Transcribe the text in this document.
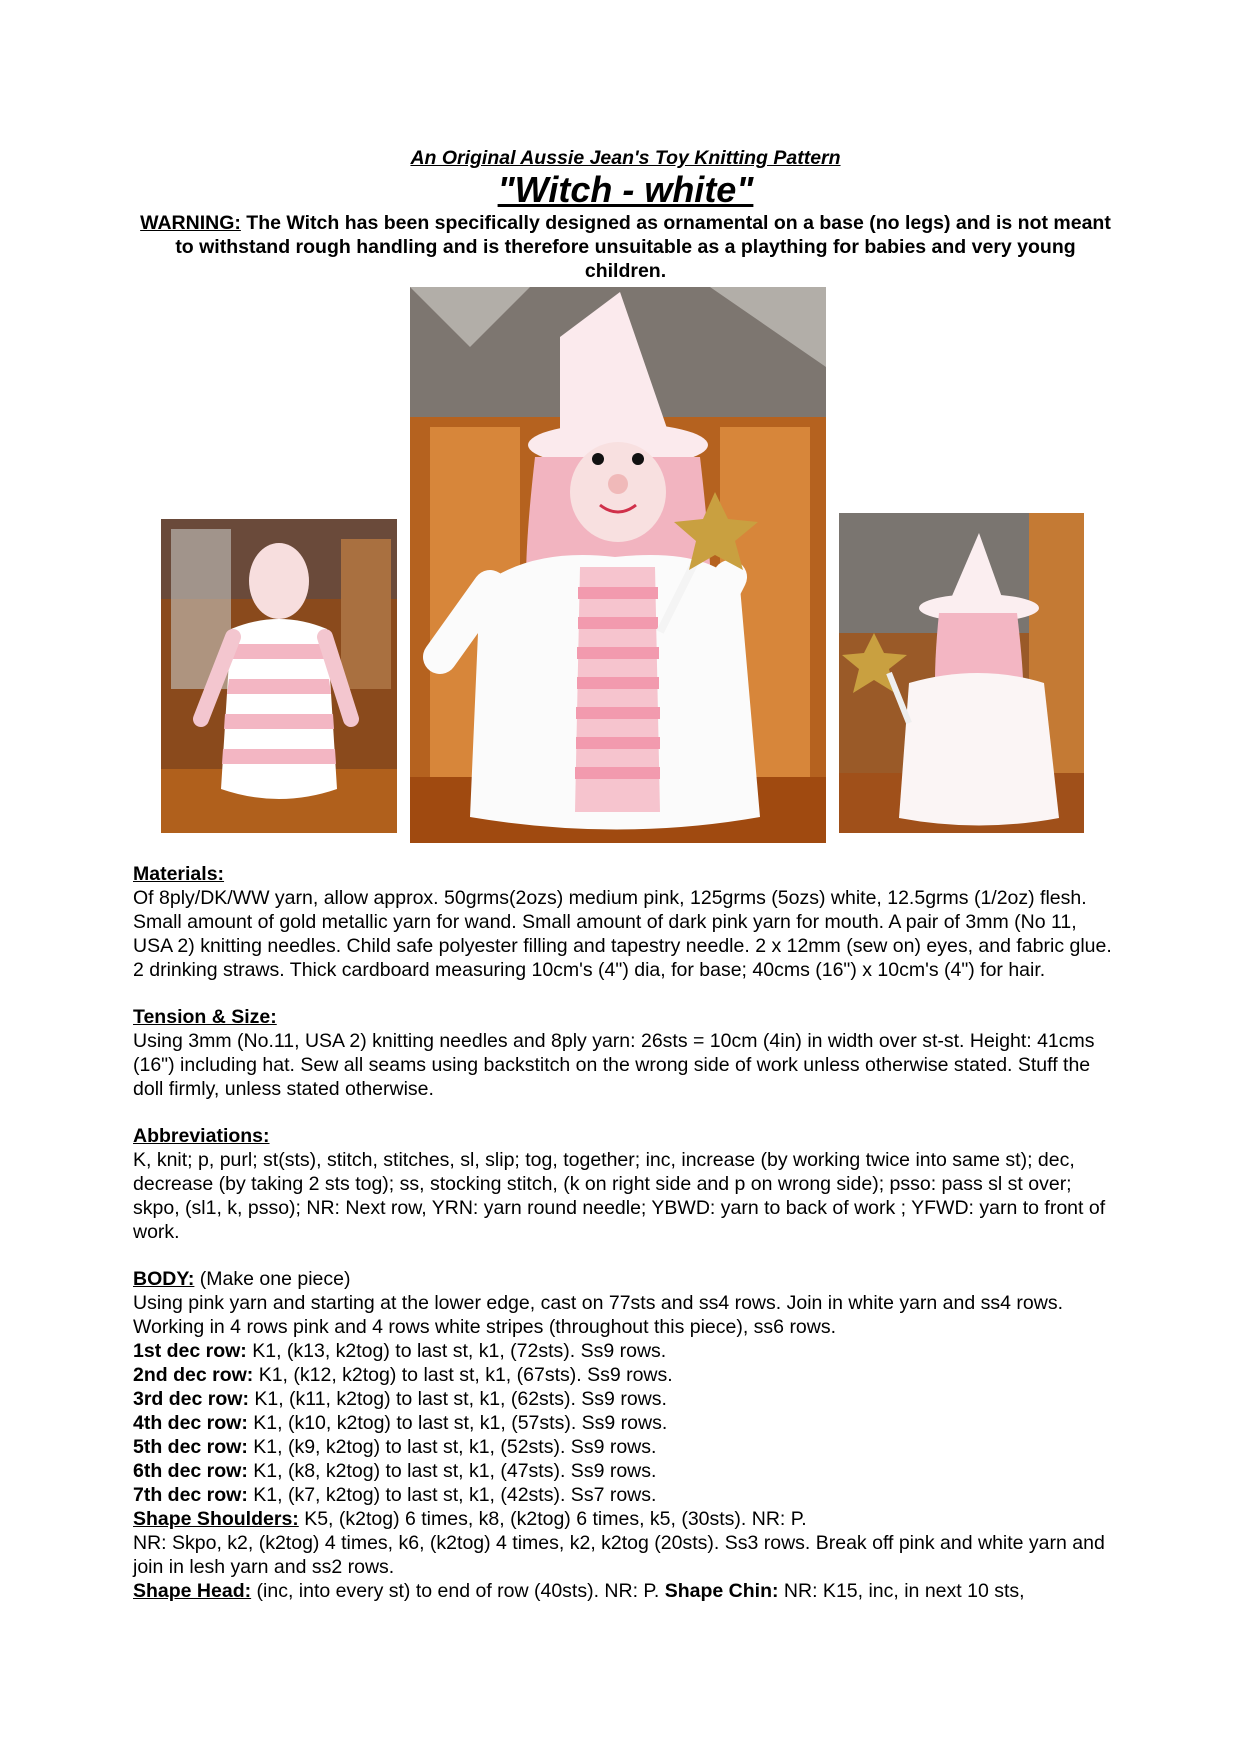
An Original Aussie Jean's Toy Knitting Pattern

"Witch - white"

WARNING: The Witch has been specifically designed as ornamental on a base (no legs) and is not meant to withstand rough handling and is therefore unsuitable as a plaything for babies and very young children.

Materials:

Of 8ply/DK/WW yarn, allow approx. 50grms(2ozs) medium pink, 125grms (5ozs) white, 12.5grms (1/2oz) flesh. Small amount of gold metallic yarn for wand. Small amount of dark pink yarn for mouth. A pair of 3mm (No 11, USA 2) knitting needles. Child safe polyester filling and tapestry needle. 2 x 12mm (sew on) eyes, and fabric glue. 2 drinking straws. Thick cardboard measuring 10cm's (4") dia, for base; 40cms (16") x 10cm's (4") for hair.

Tension & Size:

Using 3mm (No.11, USA 2) knitting needles and 8ply yarn: 26sts = 10cm (4in) in width over st-st. Height: 41cms (16") including hat. Sew all seams using backstitch on the wrong side of work unless otherwise stated. Stuff the doll firmly, unless stated otherwise.

Abbreviations:

K, knit; p, purl; st(sts), stitch, stitches, sl, slip; tog, together; inc, increase (by working twice into same st); dec, decrease (by taking 2 sts tog); ss, stocking stitch, (k on right side and p on wrong side); psso: pass sl st over; skpo, (sl1, k, psso); NR: Next row, YRN: yarn round needle; YBWD: yarn to back of work ; YFWD: yarn to front of work.

BODY: (Make one piece)

Using pink yarn and starting at the lower edge, cast on 77sts and ss4 rows. Join in white yarn and ss4 rows. Working in 4 rows pink and 4 rows white stripes (throughout this piece), ss6 rows.

1st dec row: K1, (k13, k2tog) to last st, k1, (72sts). Ss9 rows.

2nd dec row: K1, (k12, k2tog) to last st, k1, (67sts). Ss9 rows.

3rd dec row: K1, (k11, k2tog) to last st, k1, (62sts). Ss9 rows.

4th dec row: K1, (k10, k2tog) to last st, k1, (57sts). Ss9 rows.

5th dec row: K1, (k9, k2tog) to last st, k1, (52sts). Ss9 rows.

6th dec row: K1, (k8, k2tog) to last st, k1, (47sts). Ss9 rows.

7th dec row: K1, (k7, k2tog) to last st, k1, (42sts). Ss7 rows.

Shape Shoulders: K5, (k2tog) 6 times, k8, (k2tog) 6 times, k5, (30sts). NR: P.

NR: Skpo, k2, (k2tog) 4 times, k6, (k2tog) 4 times, k2, k2tog (20sts). Ss3 rows. Break off pink and white yarn and join in lesh yarn and ss2 rows.

Shape Head: (inc, into every st) to end of row (40sts). NR: P. Shape Chin: NR: K15, inc, in next 10 sts,
